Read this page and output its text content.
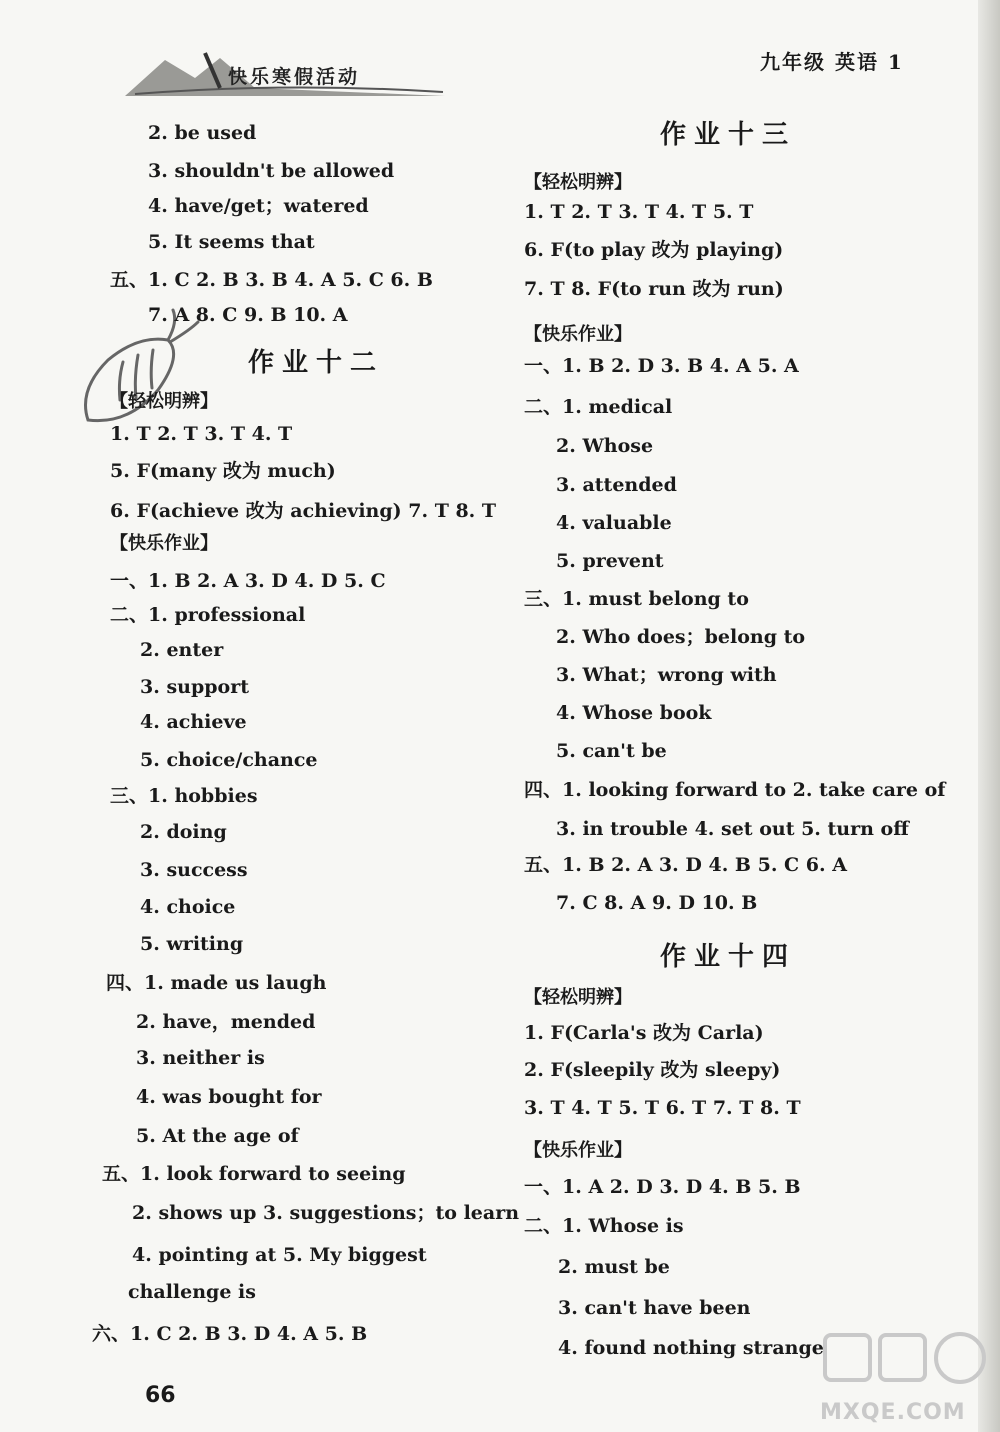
快乐寒假活动
九年级 英语 1
2. be used
3. shouldn't be allowed
4. have/get；watered
5. It seems that
五、1. C 2. B 3. B 4. A 5. C 6. B
7. A 8. C 9. B 10. A
作业十二
【轻松明辨】
1. T 2. T 3. T 4. T
5. F(many 改为 much)
6. F(achieve 改为 achieving) 7. T 8. T
【快乐作业】
一、1. B 2. A 3. D 4. D 5. C
二、1. professional
2. enter
3. support
4. achieve
5. choice/chance
三、1. hobbies
2. doing
3. success
4. choice
5. writing
四、1. made us laugh
2. have，mended
3. neither is
4. was bought for
5. At the age of
五、1. look forward to seeing
2. shows up 3. suggestions；to learn
4. pointing at 5. My biggest
challenge is
六、1. C 2. B 3. D 4. A 5. B
作业十三
【轻松明辨】
1. T 2. T 3. T 4. T 5. T
6. F(to play 改为 playing)
7. T 8. F(to run 改为 run)
【快乐作业】
一、1. B 2. D 3. B 4. A 5. A
二、1. medical
2. Whose
3. attended
4. valuable
5. prevent
三、1. must belong to
2. Who does；belong to
3. What；wrong with
4. Whose book
5. can't be
四、1. looking forward to 2. take care of
3. in trouble 4. set out 5. turn off
五、1. B 2. A 3. D 4. B 5. C 6. A
7. C 8. A 9. D 10. B
作业十四
【轻松明辨】
1. F(Carla's 改为 Carla)
2. F(sleepily 改为 sleepy)
3. T 4. T 5. T 6. T 7. T 8. T
【快乐作业】
一、1. A 2. D 3. D 4. B 5. B
二、1. Whose is
2. must be
3. can't have been
4. found nothing strange
66
MXQE.COM
